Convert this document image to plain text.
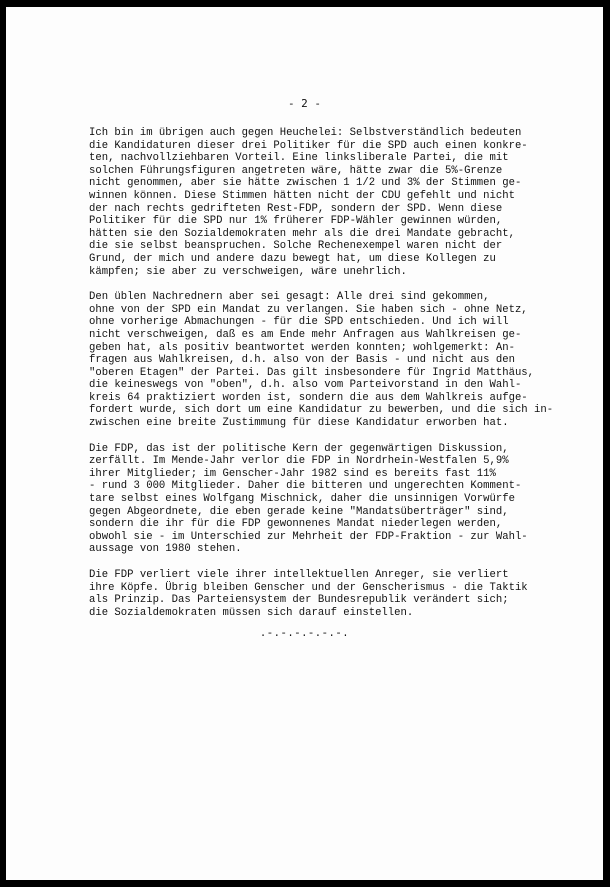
- 2 -

Ich bin im übrigen auch gegen Heuchelei: Selbstverständlich bedeuten
die Kandidaturen dieser drei Politiker für die SPD auch einen konkre-
ten, nachvollziehbaren Vorteil. Eine linksliberale Partei, die mit
solchen Führungsfiguren angetreten wäre, hätte zwar die 5%-Grenze
nicht genommen, aber sie hätte zwischen 1 1/2 und 3% der Stimmen ge-
winnen können. Diese Stimmen hätten nicht der CDU gefehlt und nicht
der nach rechts gedrifteten Rest-FDP, sondern der SPD. Wenn diese
Politiker für die SPD nur 1% früherer FDP-Wähler gewinnen würden,
hätten sie den Sozialdemokraten mehr als die drei Mandate gebracht,
die sie selbst beanspruchen. Solche Rechenexempel waren nicht der
Grund, der mich und andere dazu bewegt hat, um diese Kollegen zu
kämpfen; sie aber zu verschweigen, wäre unehrlich.

Den üblen Nachrednern aber sei gesagt: Alle drei sind gekommen,
ohne von der SPD ein Mandat zu verlangen. Sie haben sich - ohne Netz,
ohne vorherige Abmachungen - für die SPD entschieden. Und ich will
nicht verschweigen, daß es am Ende mehr Anfragen aus Wahlkreisen ge-
geben hat, als positiv beantwortet werden konnten; wohlgemerkt: An-
fragen aus Wahlkreisen, d.h. also von der Basis - und nicht aus den
"oberen Etagen" der Partei. Das gilt insbesondere für Ingrid Matthäus,
die keineswegs von "oben", d.h. also vom Parteivorstand in den Wahl-
kreis 64 praktiziert worden ist, sondern die aus dem Wahlkreis aufge-
fordert wurde, sich dort um eine Kandidatur zu bewerben, und die sich in-
zwischen eine breite Zustimmung für diese Kandidatur erworben hat.

Die FDP, das ist der politische Kern der gegenwärtigen Diskussion,
zerfällt. Im Mende-Jahr verlor die FDP in Nordrhein-Westfalen 5,9%
ihrer Mitglieder; im Genscher-Jahr 1982 sind es bereits fast 11%
- rund 3 000 Mitglieder. Daher die bitteren und ungerechten Komment-
tare selbst eines Wolfgang Mischnick, daher die unsinnigen Vorwürfe
gegen Abgeordnete, die eben gerade keine "Mandatsüberträger" sind,
sondern die ihr für die FDP gewonnenes Mandat niederlegen werden,
obwohl sie - im Unterschied zur Mehrheit der FDP-Fraktion - zur Wahl-
aussage von 1980 stehen.

Die FDP verliert viele ihrer intellektuellen Anreger, sie verliert
ihre Köpfe. Übrig bleiben Genscher und der Genscherismus - die Taktik
als Prinzip. Das Parteiensystem der Bundesrepublik verändert sich;
die Sozialdemokraten müssen sich darauf einstellen.

.-.-.-.-.-.-.
